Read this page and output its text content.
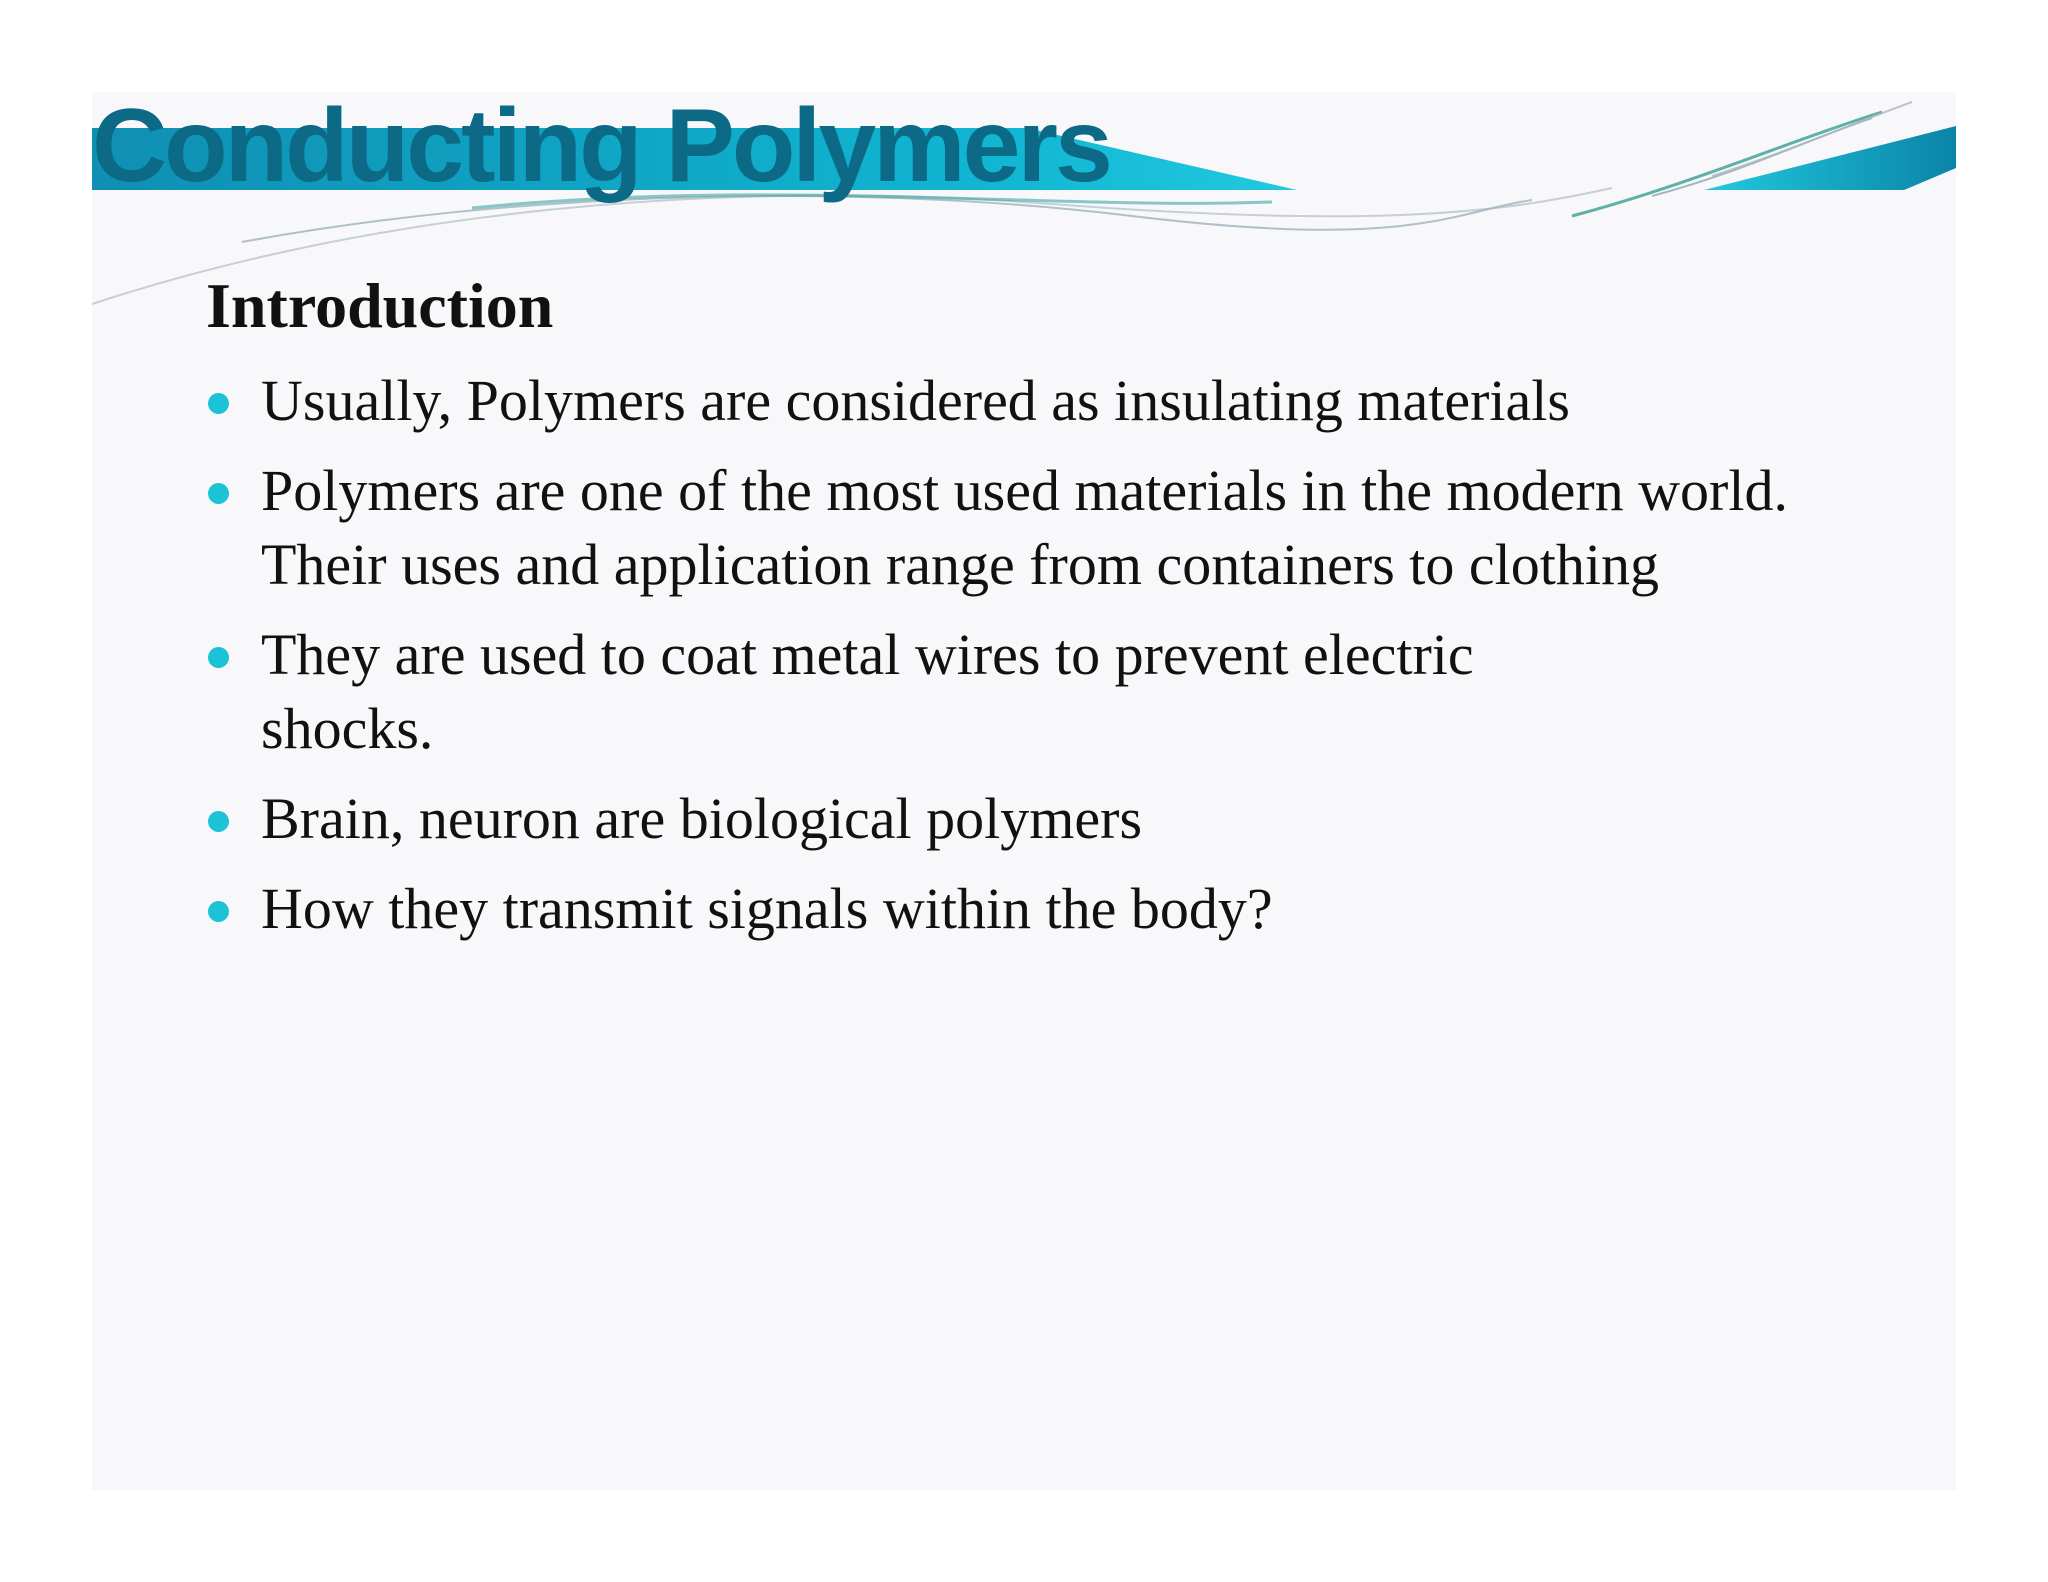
Conducting Polymers
Introduction
Usually, Polymers are considered as insulating materials
Polymers are one of the most used materials in the modern world. Their uses and application range from containers to clothing
They are used to coat metal wires to prevent electric shocks.
Brain, neuron are biological polymers
How they transmit signals within the body?
